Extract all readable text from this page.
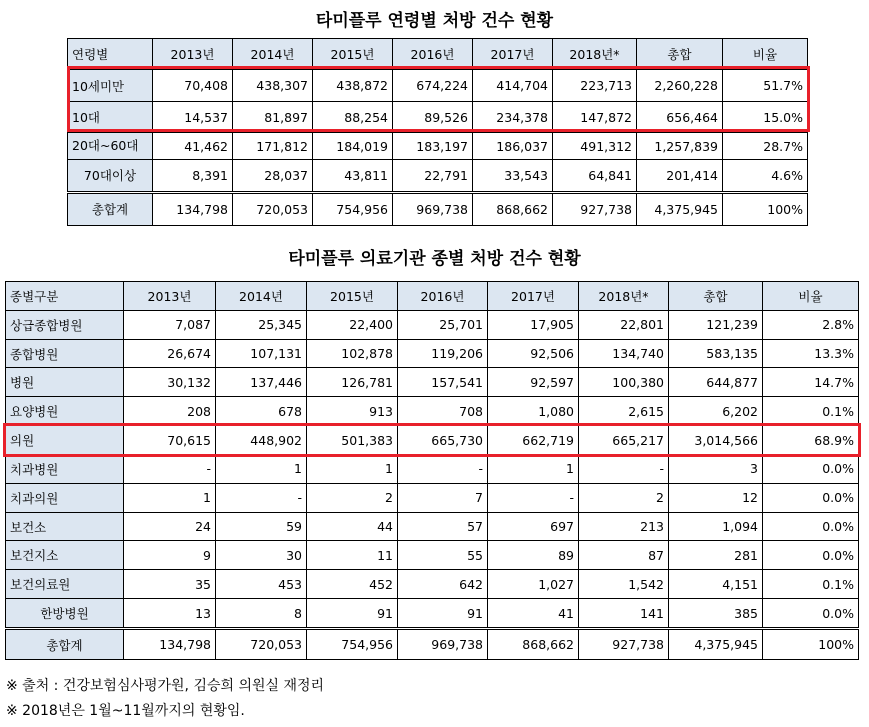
타미플루 연령별 처방 건수 현황
연령별	2013년	2014년	2015년	2016년	2017년	2018년*	총합	비율
10세미만	70,408	438,307	438,872	674,224	414,704	223,713	2,260,228	51.7%
10대	14,537	81,897	88,254	89,526	234,378	147,872	656,464	15.0%
20대~60대	41,462	171,812	184,019	183,197	186,037	491,312	1,257,839	28.7%
70대이상	8,391	28,037	43,811	22,791	33,543	64,841	201,414	4.6%
총합계	134,798	720,053	754,956	969,738	868,662	927,738	4,375,945	100%
타미플루 의료기관 종별 처방 건수 현황
종별구분	2013년	2014년	2015년	2016년	2017년	2018년*	총합	비율
상급종합병원	7,087	25,345	22,400	25,701	17,905	22,801	121,239	2.8%
종합병원	26,674	107,131	102,878	119,206	92,506	134,740	583,135	13.3%
병원	30,132	137,446	126,781	157,541	92,597	100,380	644,877	14.7%
요양병원	208	678	913	708	1,080	2,615	6,202	0.1%
의원	70,615	448,902	501,383	665,730	662,719	665,217	3,014,566	68.9%
치과병원	-	1	1	-	1	-	3	0.0%
치과의원	1	-	2	7	-	2	12	0.0%
보건소	24	59	44	57	697	213	1,094	0.0%
보건지소	9	30	11	55	89	87	281	0.0%
보건의료원	35	453	452	642	1,027	1,542	4,151	0.1%
한방병원	13	8	91	91	41	141	385	0.0%
총합계	134,798	720,053	754,956	969,738	868,662	927,738	4,375,945	100%
※ 출처 : 건강보험심사평가원, 김승희 의원실 재정리
※ 2018년은 1월~11월까지의 현황임.
